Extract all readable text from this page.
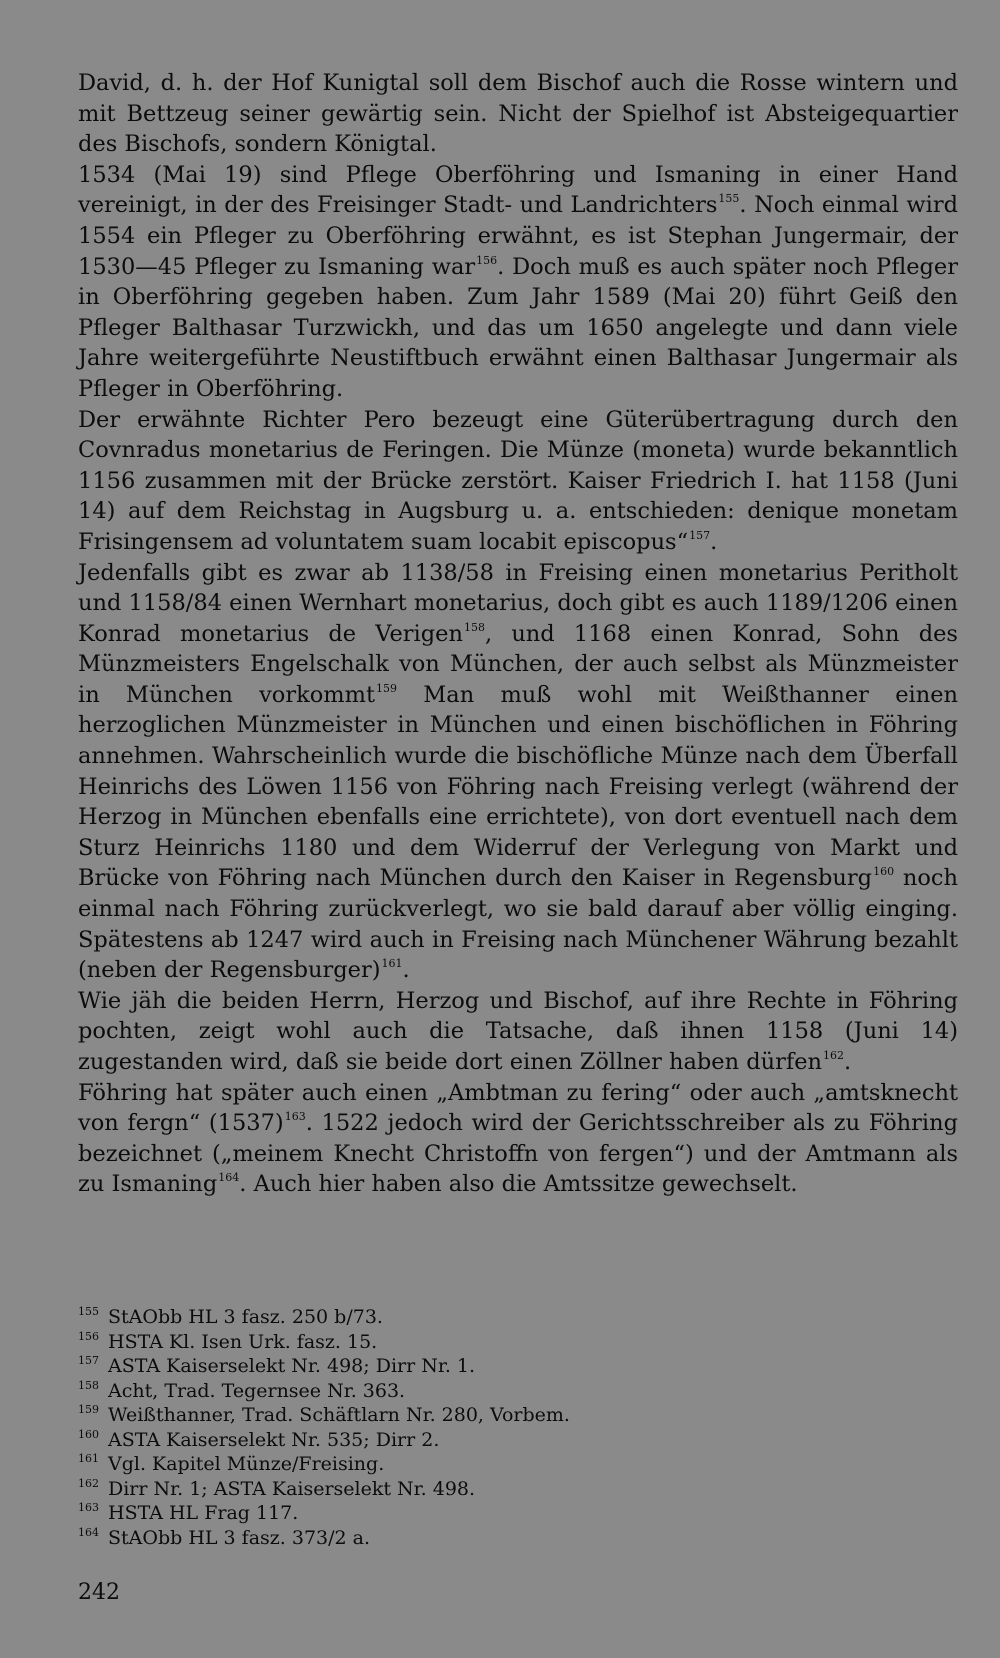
David, d. h. der Hof Kunigtal soll dem Bischof auch die Rosse wintern und mit Bettzeug seiner gewärtig sein. Nicht der Spielhof ist Absteigequartier des Bischofs, sondern Königtal.

1534 (Mai 19) sind Pflege Oberföhring und Ismaning in einer Hand vereinigt, in der des Freisinger Stadt- und Landrichters$^{155}$. Noch einmal wird 1554 ein Pfleger zu Oberföhring erwähnt, es ist Stephan Jungermair, der 1530—45 Pfleger zu Ismaning war$^{156}$. Doch muß es auch später noch Pfleger in Oberföhring gegeben haben. Zum Jahr 1589 (Mai 20) führt Geiß den Pfleger Balthasar Turzwickh, und das um 1650 angelegte und dann viele Jahre weitergeführte Neustiftbuch erwähnt einen Balthasar Jungermair als Pfleger in Oberföhring.

Der erwähnte Richter Pero bezeugt eine Güterübertragung durch den Covnradus monetarius de Feringen. Die Münze (moneta) wurde bekanntlich 1156 zusammen mit der Brücke zerstört. Kaiser Friedrich I. hat 1158 (Juni 14) auf dem Reichstag in Augsburg u. a. entschieden: denique monetam Frisingensem ad voluntatem suam locabit episcopus“$^{157}$.

Jedenfalls gibt es zwar ab 1138/58 in Freising einen monetarius Peritholt und 1158/84 einen Wernhart monetarius, doch gibt es auch 1189/1206 einen Konrad monetarius de Verigen$^{158}$, und 1168 einen Konrad, Sohn des Münzmeisters Engelschalk von München, der auch selbst als Münzmeister in München vorkommt$^{159}$ Man muß wohl mit Weißthanner einen herzoglichen Münzmeister in München und einen bischöflichen in Föhring annehmen. Wahrscheinlich wurde die bischöfliche Münze nach dem Überfall Heinrichs des Löwen 1156 von Föhring nach Freising verlegt (während der Herzog in München ebenfalls eine errichtete), von dort eventuell nach dem Sturz Heinrichs 1180 und dem Widerruf der Verlegung von Markt und Brücke von Föhring nach München durch den Kaiser in Regensburg$^{160}$ noch einmal nach Föhring zurückverlegt, wo sie bald darauf aber völlig einging. Spätestens ab 1247 wird auch in Freising nach Münchener Währung bezahlt (neben der Regensburger)$^{161}$.

Wie jäh die beiden Herrn, Herzog und Bischof, auf ihre Rechte in Föhring pochten, zeigt wohl auch die Tatsache, daß ihnen 1158 (Juni 14) zugestanden wird, daß sie beide dort einen Zöllner haben dürfen$^{162}$.

Föhring hat später auch einen „Ambtman zu fering“ oder auch „amtsknecht von fergn“ (1537)$^{163}$. 1522 jedoch wird der Gerichtsschreiber als zu Föhring bezeichnet („meinem Knecht Christoffn von fergen“) und der Amtmann als zu Ismaning$^{164}$. Auch hier haben also die Amtssitze gewechselt.

155 StAObb HL 3 fasz. 250 b/73.
156 HSTA Kl. Isen Urk. fasz. 15.
157 ASTA Kaiserselekt Nr. 498; Dirr Nr. 1.
158 Acht, Trad. Tegernsee Nr. 363.
159 Weißthanner, Trad. Schäftlarn Nr. 280, Vorbem.
160 ASTA Kaiserselekt Nr. 535; Dirr 2.
161 Vgl. Kapitel Münze/Freising.
162 Dirr Nr. 1; ASTA Kaiserselekt Nr. 498.
163 HSTA HL Frag 117.
164 StAObb HL 3 fasz. 373/2 a.
242
